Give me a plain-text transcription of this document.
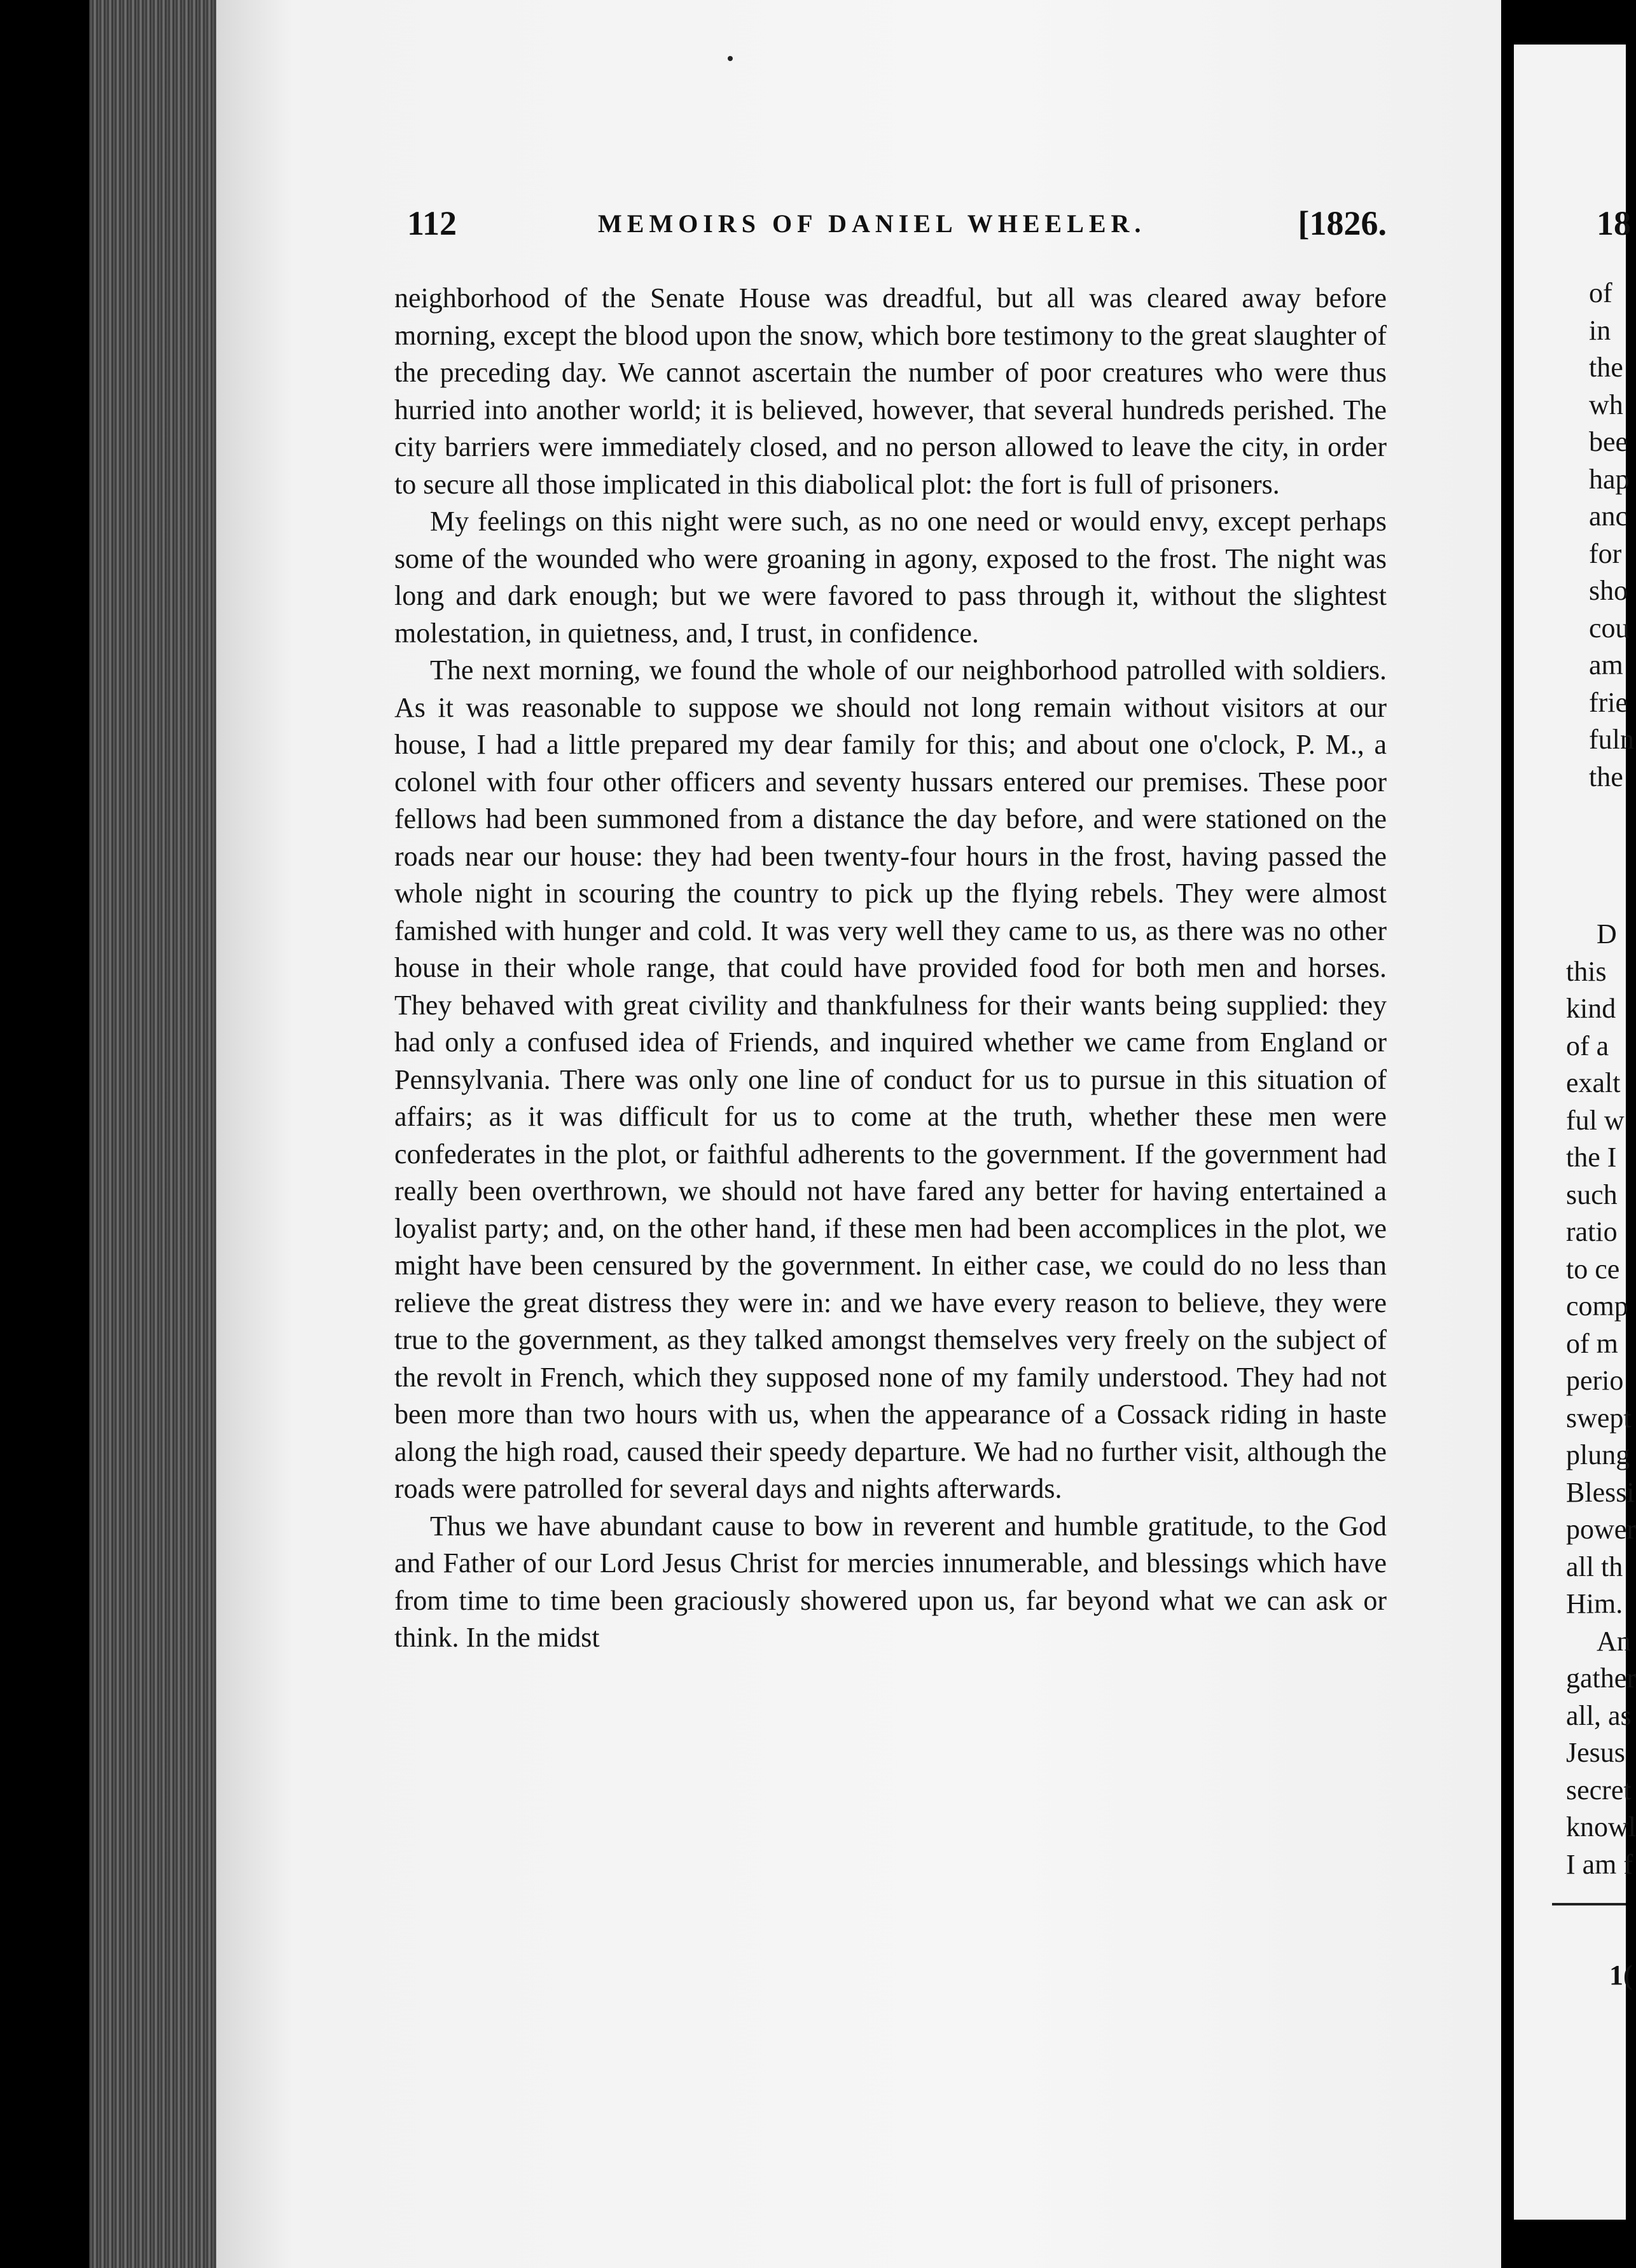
112	MEMOIRS OF DANIEL WHEELER.	[1826.

neighborhood of the Senate House was dreadful, but all was cleared away before morning, except the blood upon the snow, which bore testimony to the great slaughter of the preceding day. We cannot ascertain the number of poor creatures who were thus hurried into another world; it is believed, however, that several hundreds perished. The city barriers were immediately closed, and no person allowed to leave the city, in order to secure all those implicated in this diabolical plot: the fort is full of prisoners.

My feelings on this night were such, as no one need or would envy, except perhaps some of the wounded who were groaning in agony, exposed to the frost. The night was long and dark enough; but we were favored to pass through it, without the slightest molestation, in quietness, and, I trust, in confidence.

The next morning, we found the whole of our neighborhood patrolled with soldiers. As it was reasonable to suppose we should not long remain without visitors at our house, I had a little prepared my dear family for this; and about one o'clock, P. M., a colonel with four other officers and seventy hussars entered our premises. These poor fellows had been summoned from a distance the day before, and were stationed on the roads near our house: they had been twenty-four hours in the frost, having passed the whole night in scouring the country to pick up the flying rebels. They were almost famished with hunger and cold. It was very well they came to us, as there was no other house in their whole range, that could have provided food for both men and horses. They behaved with great civility and thankfulness for their wants being supplied: they had only a confused idea of Friends, and inquired whether we came from England or Pennsylvania. There was only one line of conduct for us to pursue in this situation of affairs; as it was difficult for us to come at the truth, whether these men were confederates in the plot, or faithful adherents to the government. If the government had really been overthrown, we should not have fared any better for having entertained a loyalist party; and, on the other hand, if these men had been accomplices in the plot, we might have been censured by the government. In either case, we could do no less than relieve the great distress they were in: and we have every reason to believe, they were true to the government, as they talked amongst themselves very freely on the subject of the revolt in French, which they supposed none of my family understood. They had not been more than two hours with us, when the appearance of a Cossack riding in haste along the high road, caused their speedy departure. We had no further visit, although the roads were patrolled for several days and nights afterwards.

Thus we have abundant cause to bow in reverent and humble gratitude, to the God and Father of our Lord Jesus Christ for mercies innumerable, and blessings which have from time to time been graciously showered upon us, far beyond what we can ask or think. In the midst

18
of
in
the
wh
bee
hap
anc
for
sho
cou
am
frie
fuln
the
D
this
kind
of a
exalt
ful w
the I
such
ratio
to ce
comp
of m
perio
swept
plung
Blessi
power
all th
Him.
An
gather
all, as
Jesus
secret
knowl
I am f
1(
